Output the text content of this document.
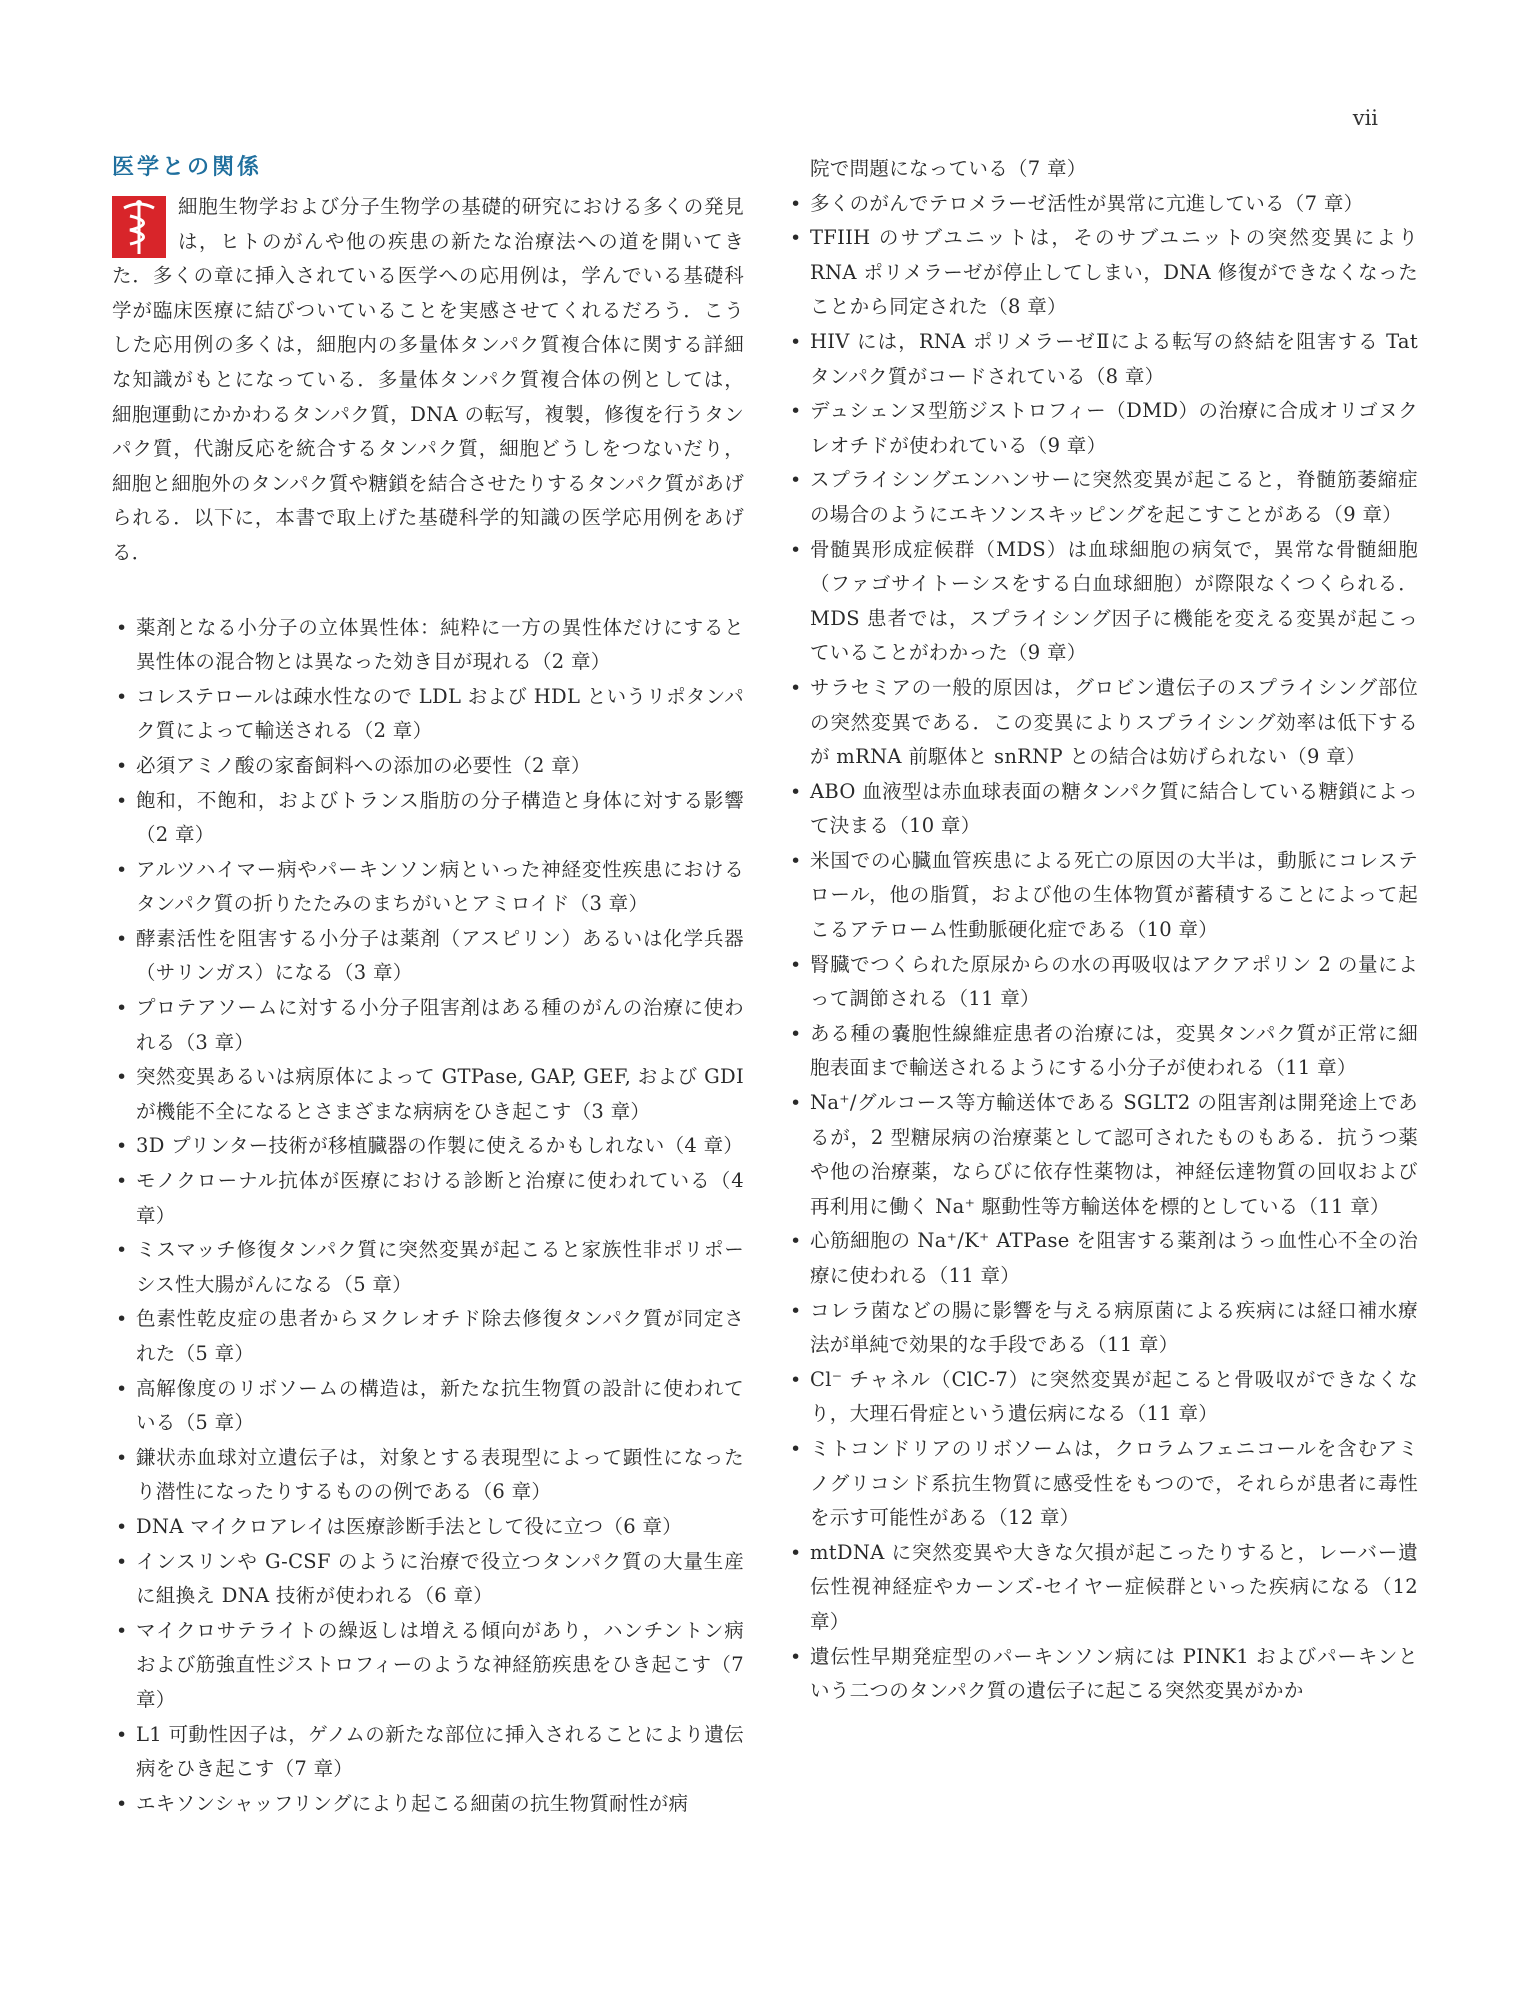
vii
医学との関係

細胞生物学および分子生物学の基礎的研究における多くの発見は，ヒトのがんや他の疾患の新たな治療法への道を開いてきた．多くの章に挿入されている医学への応用例は，学んでいる基礎科学が臨床医療に結びついていることを実感させてくれるだろう．こうした応用例の多くは，細胞内の多量体タンパク質複合体に関する詳細な知識がもとになっている．多量体タンパク質複合体の例としては，細胞運動にかかわるタンパク質，DNA の転写，複製，修復を行うタンパク質，代謝反応を統合するタンパク質，細胞どうしをつないだり，細胞と細胞外のタンパク質や糖鎖を結合させたりするタンパク質があげられる．以下に，本書で取上げた基礎科学的知識の医学応用例をあげる．

• 薬剤となる小分子の立体異性体：純粋に一方の異性体だけにすると異性体の混合物とは異なった効き目が現れる（2 章）
• コレステロールは疎水性なので LDL および HDL というリポタンパク質によって輸送される（2 章）
• 必須アミノ酸の家畜飼料への添加の必要性（2 章）
• 飽和，不飽和，およびトランス脂肪の分子構造と身体に対する影響（2 章）
• アルツハイマー病やパーキンソン病といった神経変性疾患におけるタンパク質の折りたたみのまちがいとアミロイド（3 章）
• 酵素活性を阻害する小分子は薬剤（アスピリン）あるいは化学兵器（サリンガス）になる（3 章）
• プロテアソームに対する小分子阻害剤はある種のがんの治療に使われる（3 章）
• 突然変異あるいは病原体によって GTPase, GAP, GEF, および GDI が機能不全になるとさまざまな病病をひき起こす（3 章）
• 3D プリンター技術が移植臓器の作製に使えるかもしれない（4 章）
• モノクローナル抗体が医療における診断と治療に使われている（4 章）
• ミスマッチ修復タンパク質に突然変異が起こると家族性非ポリポーシス性大腸がんになる（5 章）
• 色素性乾皮症の患者からヌクレオチド除去修復タンパク質が同定された（5 章）
• 高解像度のリボソームの構造は，新たな抗生物質の設計に使われている（5 章）
• 鎌状赤血球対立遺伝子は，対象とする表現型によって顕性になったり潜性になったりするものの例である（6 章）
• DNA マイクロアレイは医療診断手法として役に立つ（6 章）
• インスリンや G-CSF のように治療で役立つタンパク質の大量生産に組換え DNA 技術が使われる（6 章）
• マイクロサテライトの繰返しは増える傾向があり，ハンチントン病および筋強直性ジストロフィーのような神経筋疾患をひき起こす（7 章）
• L1 可動性因子は，ゲノムの新たな部位に挿入されることにより遺伝病をひき起こす（7 章）
• エキソンシャッフリングにより起こる細菌の抗生物質耐性が病
院で問題になっている（7 章）
• 多くのがんでテロメラーゼ活性が異常に亢進している（7 章）
• TFIIH のサブユニットは，そのサブユニットの突然変異により RNA ポリメラーゼが停止してしまい，DNA 修復ができなくなったことから同定された（8 章）
• HIV には，RNA ポリメラーゼⅡによる転写の終結を阻害する Tat タンパク質がコードされている（8 章）
• デュシェンヌ型筋ジストロフィー（DMD）の治療に合成オリゴヌクレオチドが使われている（9 章）
• スプライシングエンハンサーに突然変異が起こると，脊髄筋萎縮症の場合のようにエキソンスキッピングを起こすことがある（9 章）
• 骨髄異形成症候群（MDS）は血球細胞の病気で，異常な骨髄細胞（ファゴサイトーシスをする白血球細胞）が際限なくつくられる．MDS 患者では，スプライシング因子に機能を変える変異が起こっていることがわかった（9 章）
• サラセミアの一般的原因は，グロビン遺伝子のスプライシング部位の突然変異である．この変異によりスプライシング効率は低下するが mRNA 前駆体と snRNP との結合は妨げられない（9 章）
• ABO 血液型は赤血球表面の糖タンパク質に結合している糖鎖によって決まる（10 章）
• 米国での心臓血管疾患による死亡の原因の大半は，動脈にコレステロール，他の脂質，および他の生体物質が蓄積することによって起こるアテローム性動脈硬化症である（10 章）
• 腎臓でつくられた原尿からの水の再吸収はアクアポリン 2 の量によって調節される（11 章）
• ある種の嚢胞性線維症患者の治療には，変異タンパク質が正常に細胞表面まで輸送されるようにする小分子が使われる（11 章）
• Na⁺/グルコース等方輸送体である SGLT2 の阻害剤は開発途上であるが，2 型糖尿病の治療薬として認可されたものもある．抗うつ薬や他の治療薬，ならびに依存性薬物は，神経伝達物質の回収および再利用に働く Na⁺ 駆動性等方輸送体を標的としている（11 章）
• 心筋細胞の Na⁺/K⁺ ATPase を阻害する薬剤はうっ血性心不全の治療に使われる（11 章）
• コレラ菌などの腸に影響を与える病原菌による疾病には経口補水療法が単純で効果的な手段である（11 章）
• Cl⁻ チャネル（ClC-7）に突然変異が起こると骨吸収ができなくなり，大理石骨症という遺伝病になる（11 章）
• ミトコンドリアのリボソームは，クロラムフェニコールを含むアミノグリコシド系抗生物質に感受性をもつので，それらが患者に毒性を示す可能性がある（12 章）
• mtDNA に突然変異や大きな欠損が起こったりすると，レーバー遺伝性視神経症やカーンズ-セイヤー症候群といった疾病になる（12 章）
• 遺伝性早期発症型のパーキンソン病には PINK1 およびパーキンという二つのタンパク質の遺伝子に起こる突然変異がかか
